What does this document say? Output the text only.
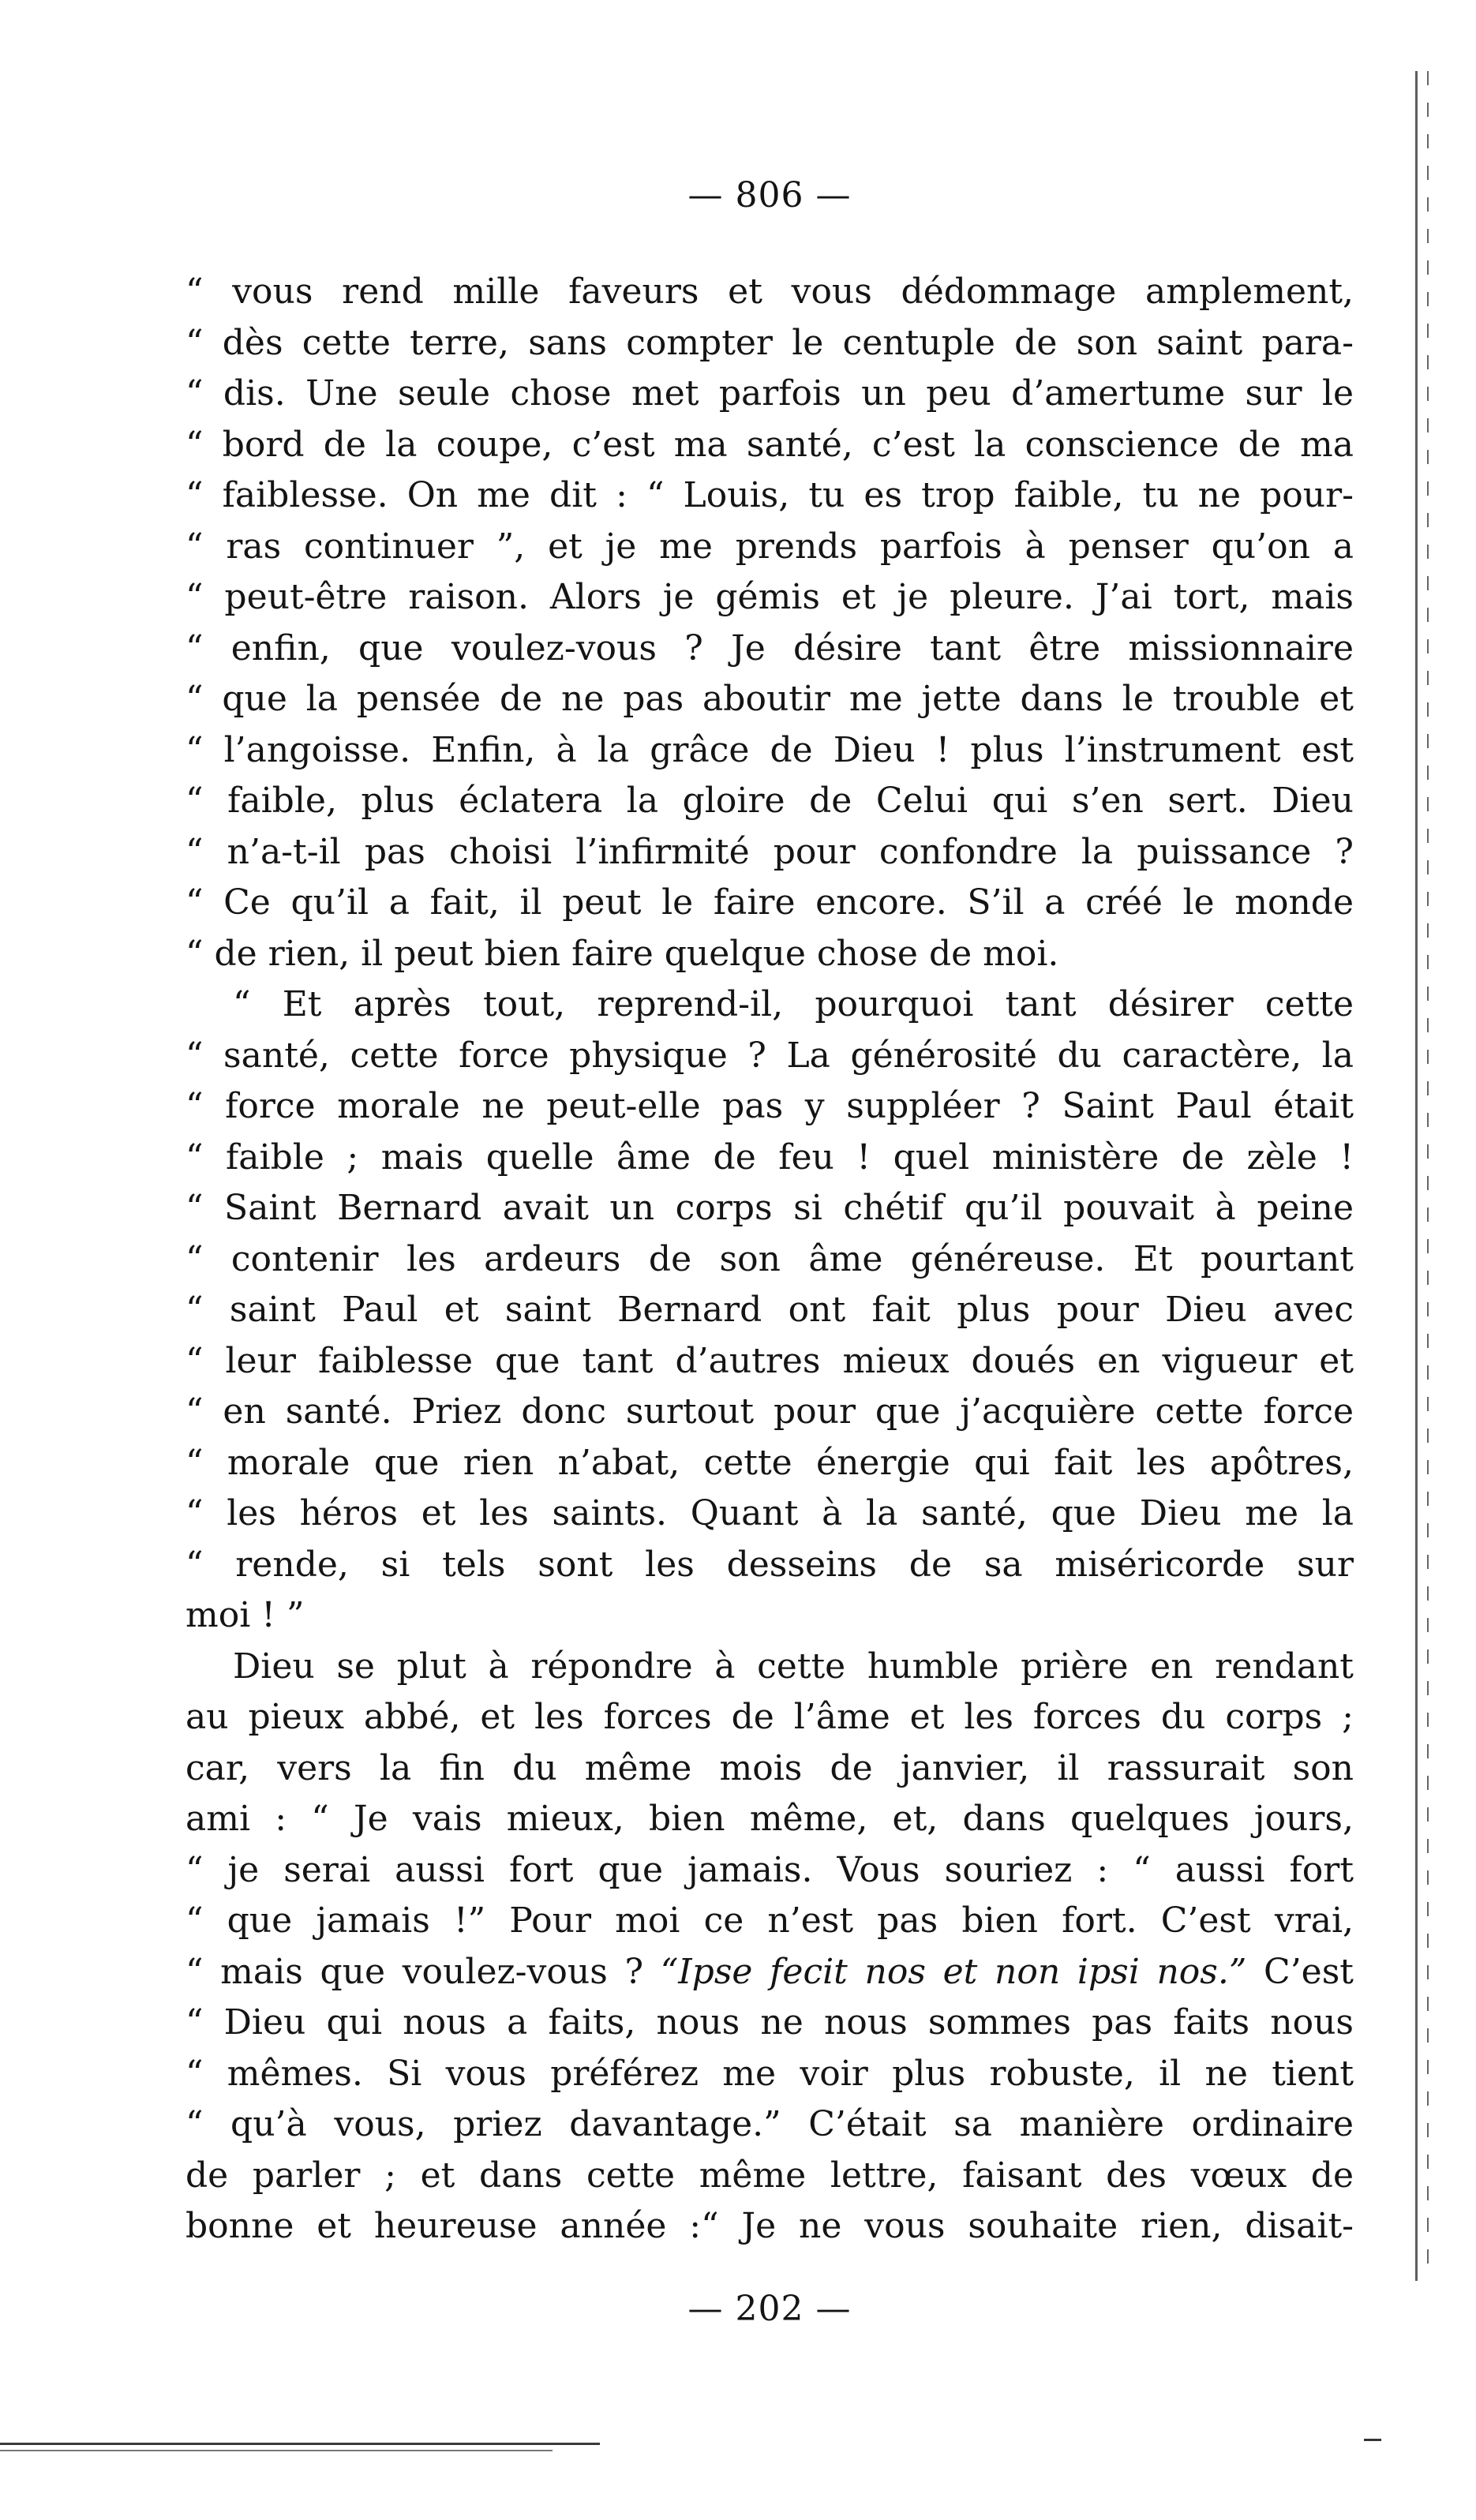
— 806 —
“ vous rend mille faveurs et vous dédommage amplement,
“ dès cette terre, sans compter le centuple de son saint para-
“ dis. Une seule chose met parfois un peu d’amertume sur le
“ bord de la coupe, c’est ma santé, c’est la conscience de ma
“ faiblesse. On me dit : “ Louis, tu es trop faible, tu ne pour-
“ ras continuer ”, et je me prends parfois à penser qu’on a
“ peut-être raison. Alors je gémis et je pleure. J’ai tort, mais
“ enfin, que voulez-vous ? Je désire tant être missionnaire
“ que la pensée de ne pas aboutir me jette dans le trouble et
“ l’angoisse. Enfin, à la grâce de Dieu ! plus l’instrument est
“ faible, plus éclatera la gloire de Celui qui s’en sert. Dieu
“ n’a-t-il pas choisi l’infirmité pour confondre la puissance ?
“ Ce qu’il a fait, il peut le faire encore. S’il a créé le monde
“ de rien, il peut bien faire quelque chose de moi.
“ Et après tout, reprend-il, pourquoi tant désirer cette
“ santé, cette force physique ? La générosité du caractère, la
“ force morale ne peut-elle pas y suppléer ? Saint Paul était
“ faible ; mais quelle âme de feu ! quel ministère de zèle !
“ Saint Bernard avait un corps si chétif qu’il pouvait à peine
“ contenir les ardeurs de son âme généreuse. Et pourtant
“ saint Paul et saint Bernard ont fait plus pour Dieu avec
“ leur faiblesse que tant d’autres mieux doués en vigueur et
“ en santé. Priez donc surtout pour que j’acquière cette force
“ morale que rien n’abat, cette énergie qui fait les apôtres,
“ les héros et les saints. Quant à la santé, que Dieu me la
“ rende, si tels sont les desseins de sa miséricorde sur
moi ! ”
Dieu se plut à répondre à cette humble prière en rendant
au pieux abbé, et les forces de l’âme et les forces du corps ;
car, vers la fin du même mois de janvier, il rassurait son
ami : “ Je vais mieux, bien même, et, dans quelques jours,
“ je serai aussi fort que jamais. Vous souriez : “ aussi fort
“ que jamais !” Pour moi ce n’est pas bien fort. C’est vrai,
“ mais que voulez-vous ? “Ipse fecit nos et non ipsi nos.” C’est
“ Dieu qui nous a faits, nous ne nous sommes pas faits nous
“ mêmes. Si vous préférez me voir plus robuste, il ne tient
“ qu’à vous, priez davantage.” C’était sa manière ordinaire
de parler ; et dans cette même lettre, faisant des vœux de
bonne et heureuse année :“ Je ne vous souhaite rien, disait-
— 202 —
